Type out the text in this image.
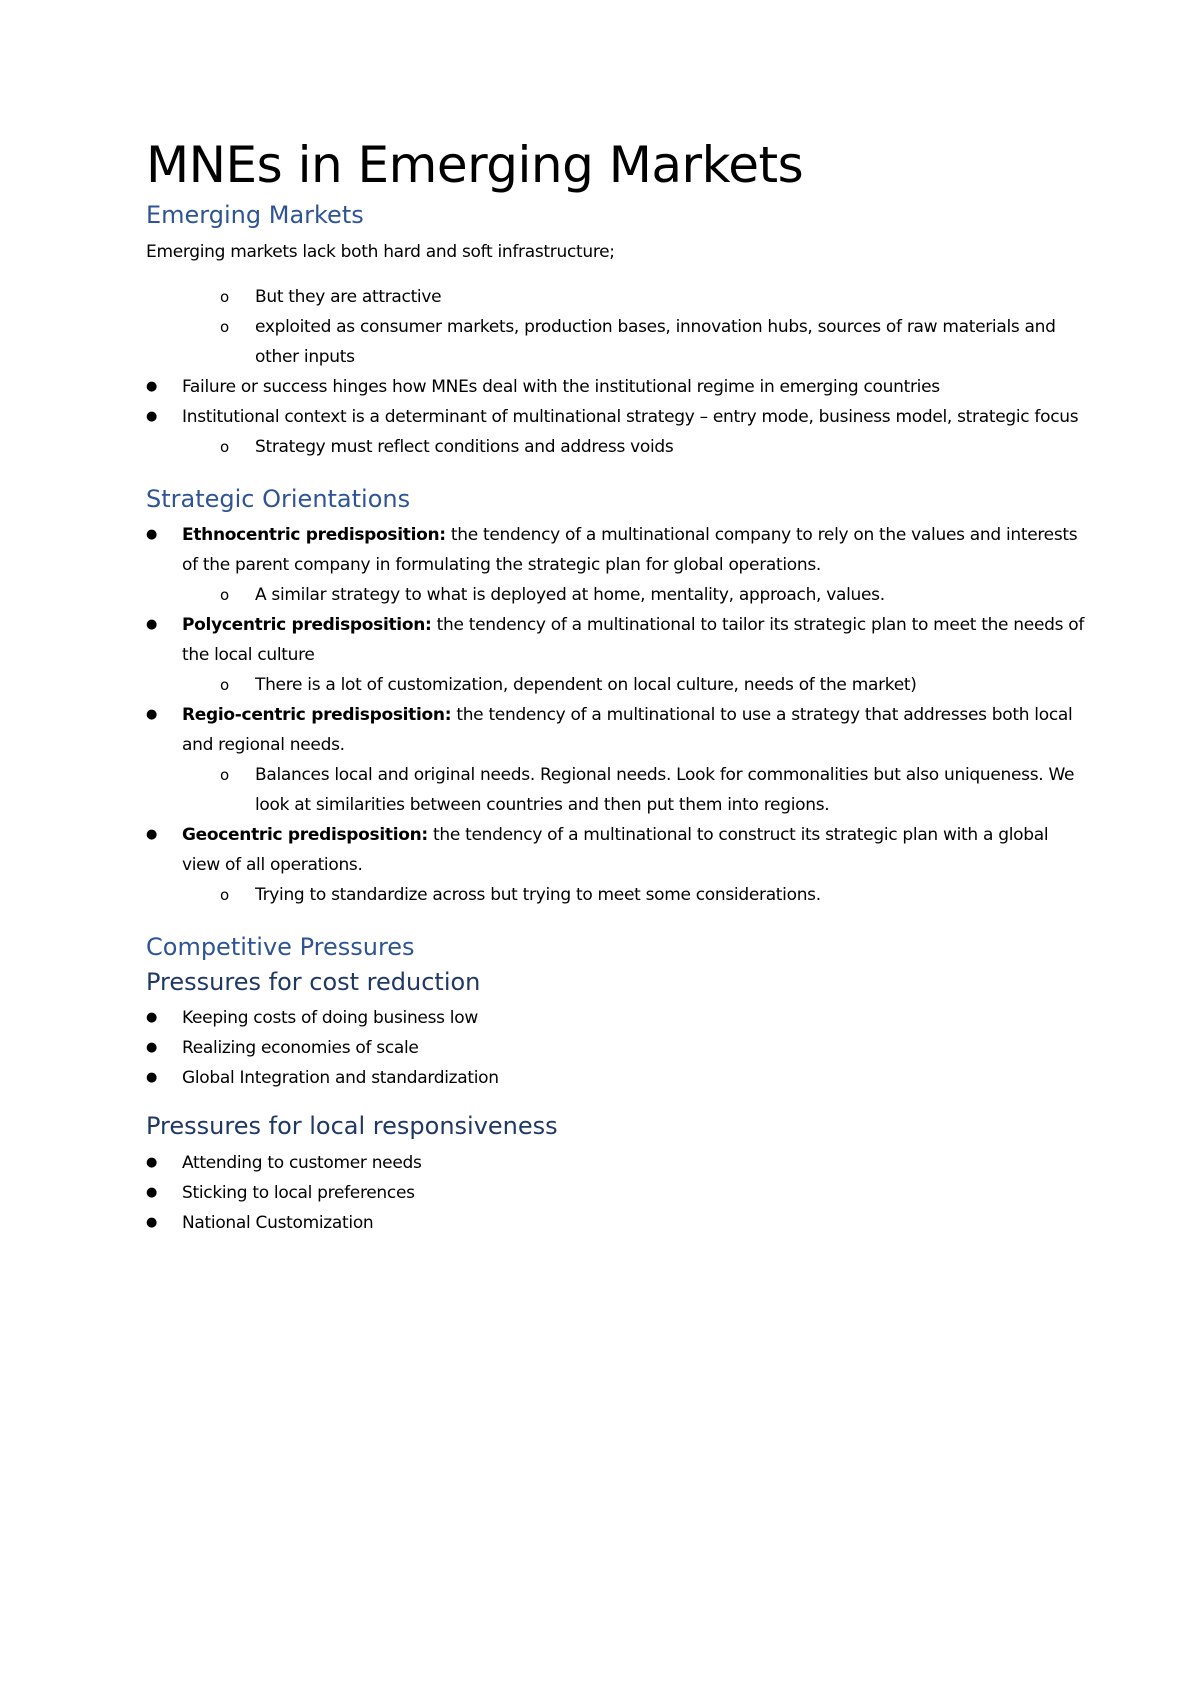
MNEs in Emerging Markets
Emerging Markets

Emerging markets lack both hard and soft infrastructure;

o But they are attractive
o exploited as consumer markets, production bases, innovation hubs, sources of raw materials and other inputs
● Failure or success hinges how MNEs deal with the institutional regime in emerging countries
● Institutional context is a determinant of multinational strategy – entry mode, business model, strategic focus
o Strategy must reflect conditions and address voids
Strategic Orientations
● Ethnocentric predisposition: the tendency of a multinational company to rely on the values and interests of the parent company in formulating the strategic plan for global operations.
o A similar strategy to what is deployed at home, mentality, approach, values.
● Polycentric predisposition: the tendency of a multinational to tailor its strategic plan to meet the needs of the local culture
o There is a lot of customization, dependent on local culture, needs of the market)
● Regio-centric predisposition: the tendency of a multinational to use a strategy that addresses both local and regional needs.
o Balances local and original needs. Regional needs. Look for commonalities but also uniqueness. We look at similarities between countries and then put them into regions.
● Geocentric predisposition: the tendency of a multinational to construct its strategic plan with a global view of all operations.
o Trying to standardize across but trying to meet some considerations.
Competitive Pressures
Pressures for cost reduction
● Keeping costs of doing business low
● Realizing economies of scale
● Global Integration and standardization
Pressures for local responsiveness
● Attending to customer needs
● Sticking to local preferences
● National Customization
